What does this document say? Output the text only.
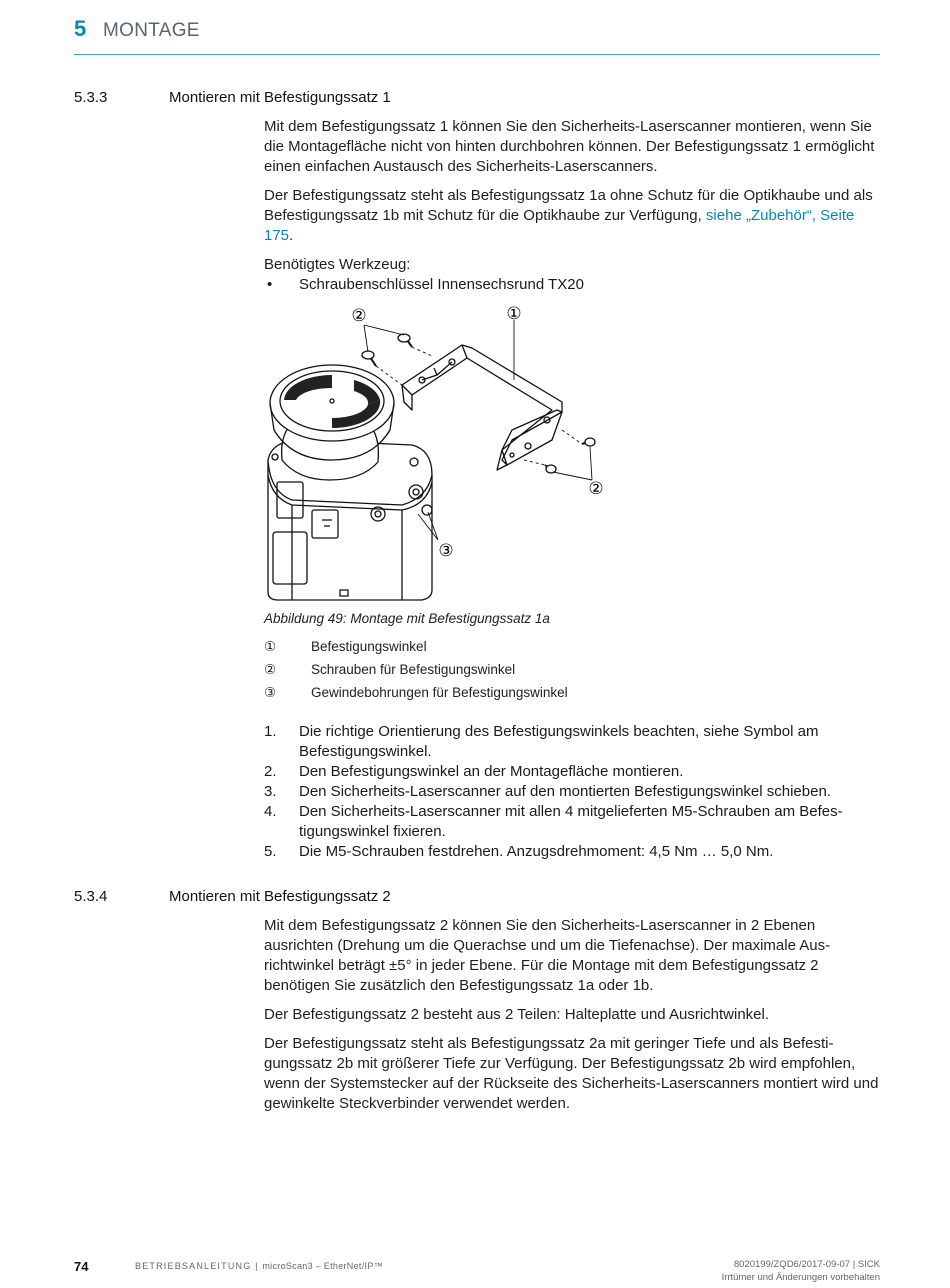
5 MONTAGE
5.3.3	Montieren mit Befestigungssatz 1

Mit dem Befestigungssatz 1 können Sie den Sicherheits-Laserscanner montieren, wenn Sie die Montagefläche nicht von hinten durchbohren können. Der Befestigungssatz 1 ermöglicht einen einfachen Austausch des Sicherheits-Laserscanners.

Der Befestigungssatz steht als Befestigungssatz 1a ohne Schutz für die Optikhaube und als Befestigungssatz 1b mit Schutz für die Optikhaube zur Verfügung, siehe „Zubehör“, Seite 175.

Benötigtes Werkzeug:

• Schraubenschlüssel Innensechsrund TX20
②	①
②
③
Abbildung 49: Montage mit Befestigungssatz 1a
①	Befestigungswinkel
②	Schrauben für Befestigungswinkel
③	Gewindebohrungen für Befestigungswinkel
1. Die richtige Orientierung des Befestigungswinkels beachten, siehe Symbol am Befestigungswinkel.
2. Den Befestigungswinkel an der Montagefläche montieren.
3. Den Sicherheits-Laserscanner auf den montierten Befestigungswinkel schieben.
4. Den Sicherheits-Laserscanner mit allen 4 mitgelieferten M5-Schrauben am Befestigungswinkel fixieren.
5. Die M5-Schrauben festdrehen. Anzugsdrehmoment: 4,5 Nm … 5,0 Nm.
5.3.4	Montieren mit Befestigungssatz 2

Mit dem Befestigungssatz 2 können Sie den Sicherheits-Laserscanner in 2 Ebenen ausrichten (Drehung um die Querachse und um die Tiefenachse). Der maximale Ausrichtwinkel beträgt ±5° in jeder Ebene. Für die Montage mit dem Befestigungssatz 2 benötigen Sie zusätzlich den Befestigungssatz 1a oder 1b.

Der Befestigungssatz 2 besteht aus 2 Teilen: Halteplatte und Ausrichtwinkel.

Der Befestigungssatz steht als Befestigungssatz 2a mit geringer Tiefe und als Befestigungssatz 2b mit größerer Tiefe zur Verfügung. Der Befestigungssatz 2b wird empfohlen, wenn der Systemstecker auf der Rückseite des Sicherheits-Laserscanners montiert wird und gewinkelte Steckverbinder verwendet werden.

74	BETRIEBSANLEITUNG | microScan3 – EtherNet/IP™	8020199/ZQD6/2017-09-07 | SICK
Irrtümer und Änderungen vorbehalten
